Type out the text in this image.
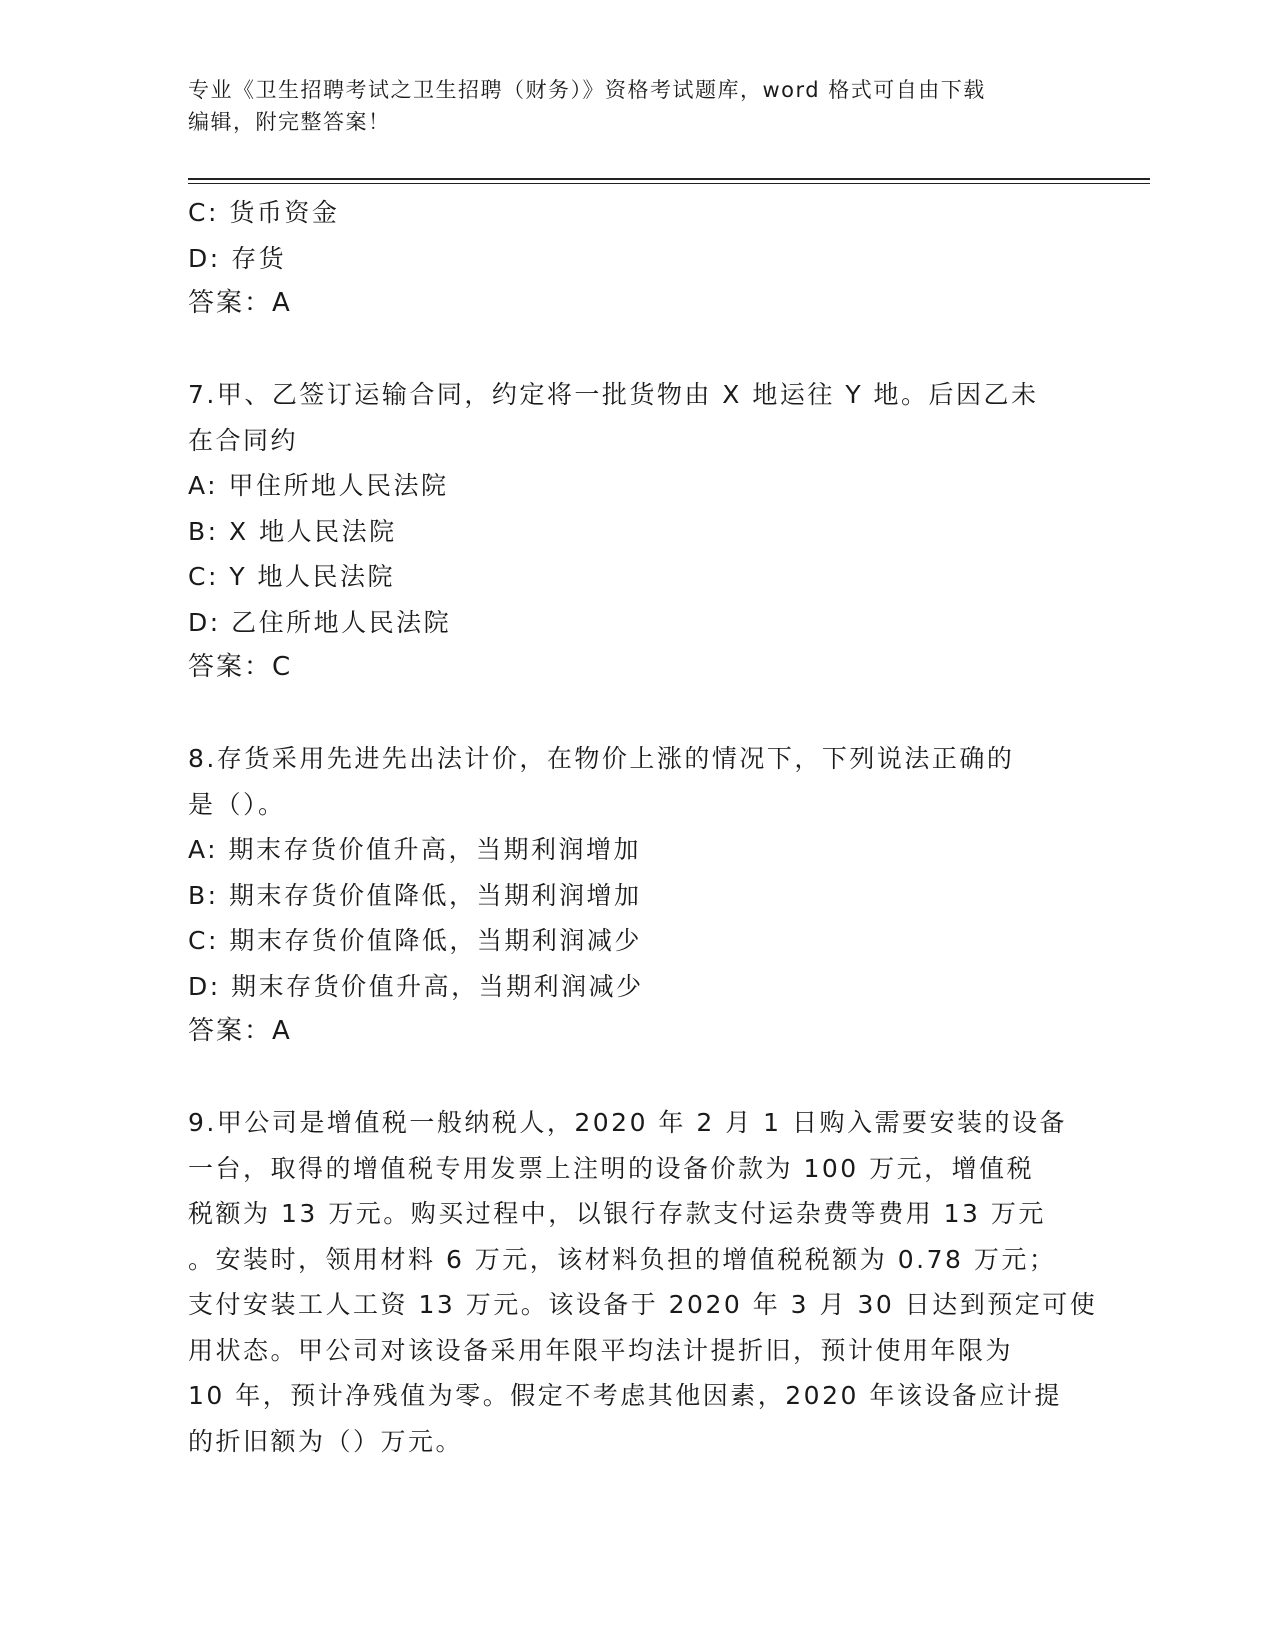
专业《卫生招聘考试之卫生招聘（财务）》资格考试题库，word 格式可自由下载
编辑，附完整答案！
C: 货币资金
D: 存货
答案：A
7.甲、乙签订运输合同，约定将一批货物由 X 地运往 Y 地。后因乙未
在合同约
A: 甲住所地人民法院
B: X 地人民法院
C: Y 地人民法院
D: 乙住所地人民法院
答案：C
8.存货采用先进先出法计价，在物价上涨的情况下，下列说法正确的
是（）。
A: 期末存货价值升高，当期利润增加
B: 期末存货价值降低，当期利润增加
C: 期末存货价值降低，当期利润减少
D: 期末存货价值升高，当期利润减少
答案：A
9.甲公司是增值税一般纳税人，2020 年 2 月 1 日购入需要安装的设备
一台，取得的增值税专用发票上注明的设备价款为 100 万元，增值税
税额为 13 万元。购买过程中，以银行存款支付运杂费等费用 13 万元
。安装时，领用材料 6 万元，该材料负担的增值税税额为 0.78 万元；
支付安装工人工资 13 万元。该设备于 2020 年 3 月 30 日达到预定可使
用状态。甲公司对该设备采用年限平均法计提折旧，预计使用年限为
10 年，预计净残值为零。假定不考虑其他因素，2020 年该设备应计提
的折旧额为（）万元。
